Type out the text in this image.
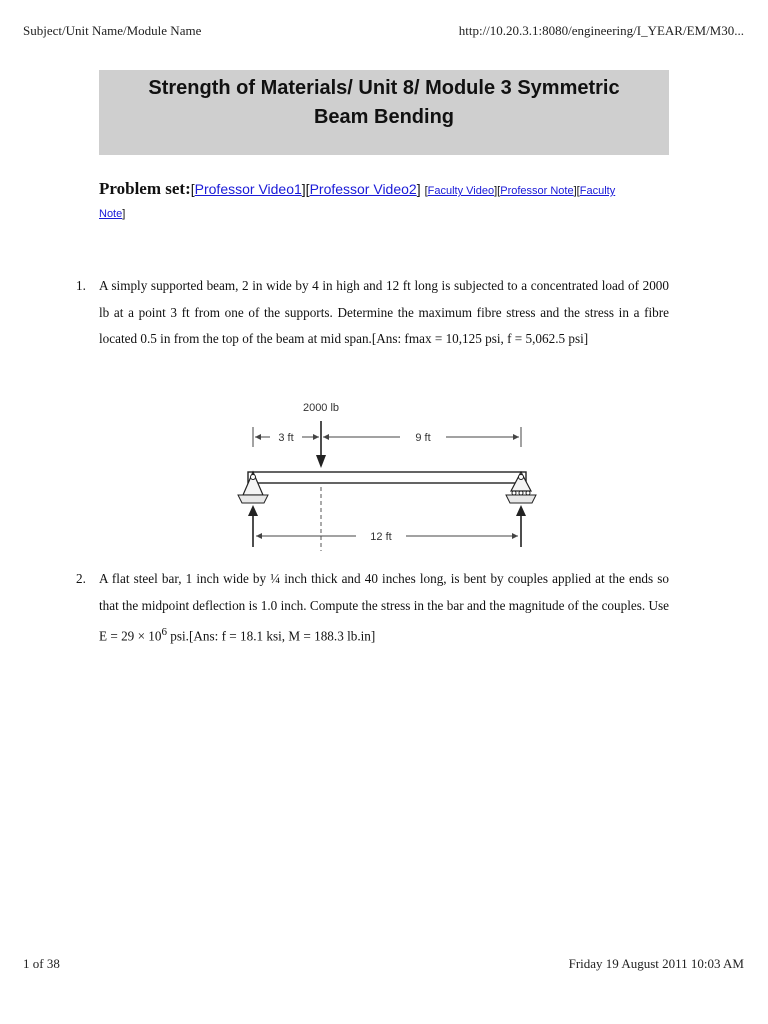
Subject/Unit Name/Module Name	http://10.20.3.1:8080/engineering/I_YEAR/EM/M30...
Strength of Materials/ Unit 8/ Module 3 Symmetric
Beam Bending
Problem set:[Professor Video1][Professor Video2] [Faculty Video][Professor Note][Faculty Note]
1. A simply supported beam, 2 in wide by 4 in high and 12 ft long is subjected to a concentrated load of 2000 lb at a point 3 ft from one of the supports. Determine the maximum fibre stress and the stress in a fibre located 0.5 in from the top of the beam at mid span.[Ans: fmax = 10,125 psi, f = 5,062.5 psi]
2000 lb
3 ft	9 ft
12 ft
2. A flat steel bar, 1 inch wide by ¼ inch thick and 40 inches long, is bent by couples applied at the ends so that the midpoint deflection is 1.0 inch. Compute the stress in the bar and the magnitude of the couples. Use $E = 29 \times 10^6$ psi.[Ans: f = 18.1 ksi, M = 188.3 lb.in]
1 of 38	Friday 19 August 2011 10:03 AM
